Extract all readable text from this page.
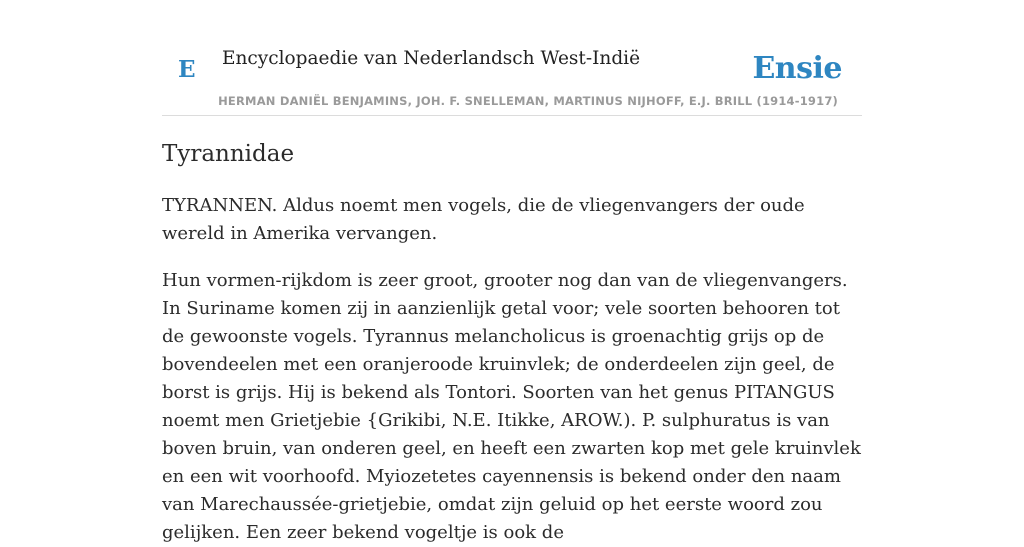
E Encyclopaedie van Nederlandsch West-Indië	Ensie
HERMAN DANIËL BENJAMINS, JOH. F. SNELLEMAN, MARTINUS NIJHOFF, E.J. BRILL (1914-1917)
Tyrannidae

TYRANNEN. Aldus noemt men vogels, die de vliegenvangers der oude wereld in Amerika vervangen.

Hun vormen-rijkdom is zeer groot, grooter nog dan van de vliegenvangers. In Suriname komen zij in aanzienlijk getal voor; vele soorten behooren tot de gewoonste vogels. Tyrannus melancholicus is groenachtig grijs op de bovendeelen met een oranjeroode kruinvlek; de onderdeelen zijn geel, de borst is grijs. Hij is bekend als Tontori. Soorten van het genus PITANGUS noemt men Grietjebie {Grikibi, N.E. Itikke, AROW.). P. sulphuratus is van boven bruin, van onderen geel, en heeft een zwarten kop met gele kruinvlek en een wit voorhoofd. Myiozetetes cayennensis is bekend onder den naam van Marechaussée-grietjebie, omdat zijn geluid op het eerste woord zou gelijken. Een zeer bekend vogeltje is ook de
